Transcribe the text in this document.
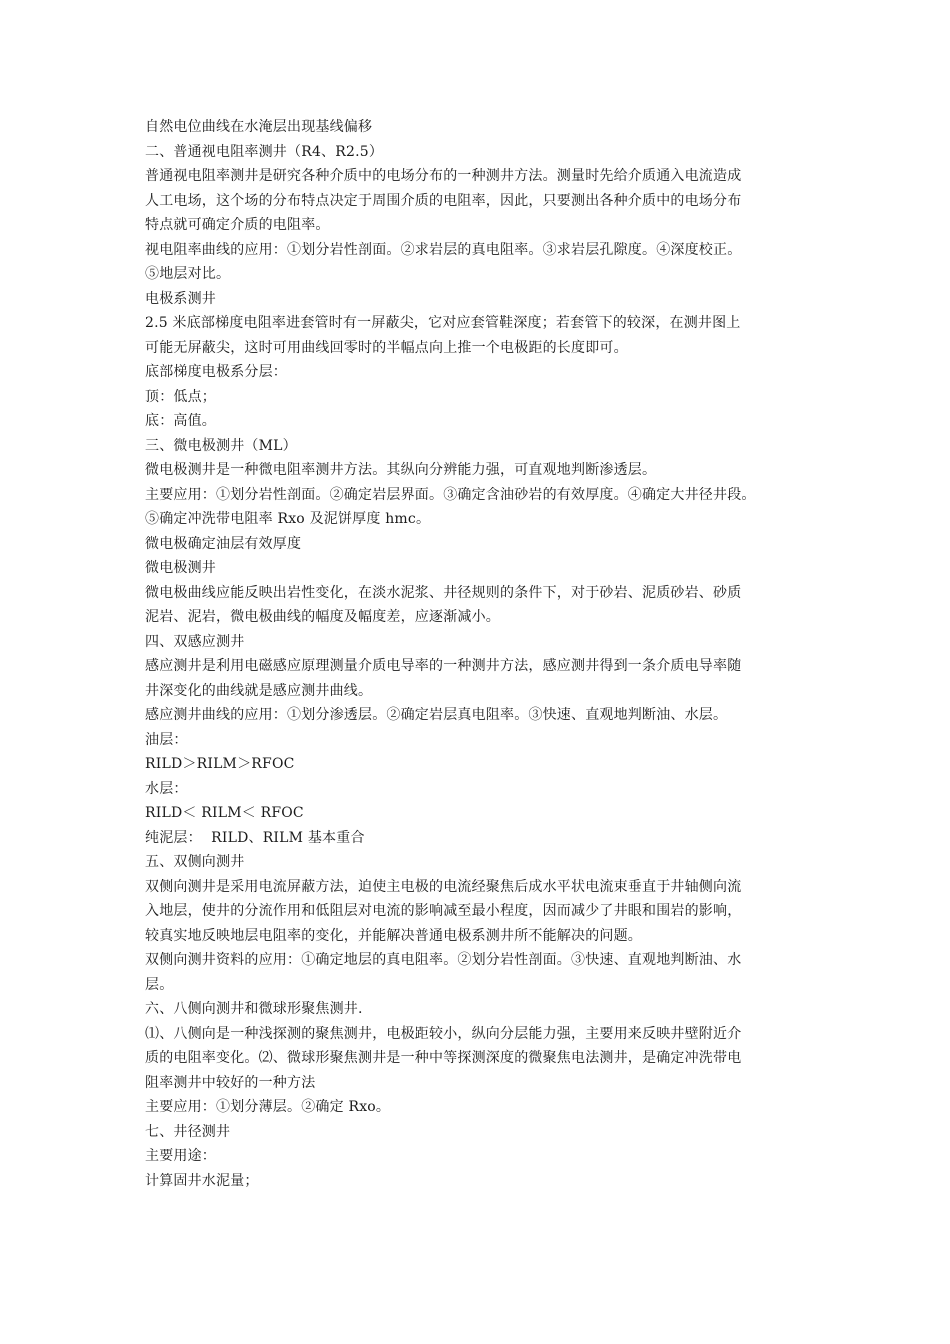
自然电位曲线在水淹层出现基线偏移
二、普通视电阻率测井（R4、R2.5）
普通视电阻率测井是研究各种介质中的电场分布的一种测井方法。测量时先给介质通入电流造成
人工电场，这个场的分布特点决定于周围介质的电阻率，因此，只要测出各种介质中的电场分布
特点就可确定介质的电阻率。
视电阻率曲线的应用：①划分岩性剖面。②求岩层的真电阻率。③求岩层孔隙度。④深度校正。
⑤地层对比。
电极系测井
2.5 米底部梯度电阻率进套管时有一屏蔽尖，它对应套管鞋深度；若套管下的较深，在测井图上
可能无屏蔽尖，这时可用曲线回零时的半幅点向上推一个电极距的长度即可。
底部梯度电极系分层：
顶：低点；
底：高值。
三、微电极测井（ML）
微电极测井是一种微电阻率测井方法。其纵向分辨能力强，可直观地判断渗透层。
主要应用：①划分岩性剖面。②确定岩层界面。③确定含油砂岩的有效厚度。④确定大井径井段。
⑤确定冲洗带电阻率 Rxo 及泥饼厚度 hmc。
微电极确定油层有效厚度
微电极测井
微电极曲线应能反映出岩性变化，在淡水泥浆、井径规则的条件下，对于砂岩、泥质砂岩、砂质
泥岩、泥岩，微电极曲线的幅度及幅度差，应逐渐减小。
四、双感应测井
感应测井是利用电磁感应原理测量介质电导率的一种测井方法，感应测井得到一条介质电导率随
井深变化的曲线就是感应测井曲线。
感应测井曲线的应用：①划分渗透层。②确定岩层真电阻率。③快速、直观地判断油、水层。
油层：
RILD＞RILM＞RFOC
水层：
RILD＜ RILM＜ RFOC
纯泥层：  RILD、RILM 基本重合
五、双侧向测井
双侧向测井是采用电流屏蔽方法，迫使主电极的电流经聚焦后成水平状电流束垂直于井轴侧向流
入地层，使井的分流作用和低阻层对电流的影响减至最小程度，因而减少了井眼和围岩的影响，
较真实地反映地层电阻率的变化，并能解决普通电极系测井所不能解决的问题。
双侧向测井资料的应用：①确定地层的真电阻率。②划分岩性剖面。③快速、直观地判断油、水
层。
六、八侧向测井和微球形聚焦测井.
⑴、八侧向是一种浅探测的聚焦测井，电极距较小，纵向分层能力强，主要用来反映井壁附近介
质的电阻率变化。⑵、微球形聚焦测井是一种中等探测深度的微聚焦电法测井，是确定冲洗带电
阻率测井中较好的一种方法
主要应用：①划分薄层。②确定 Rxo。
七、井径测井
主要用途：
计算固井水泥量；
